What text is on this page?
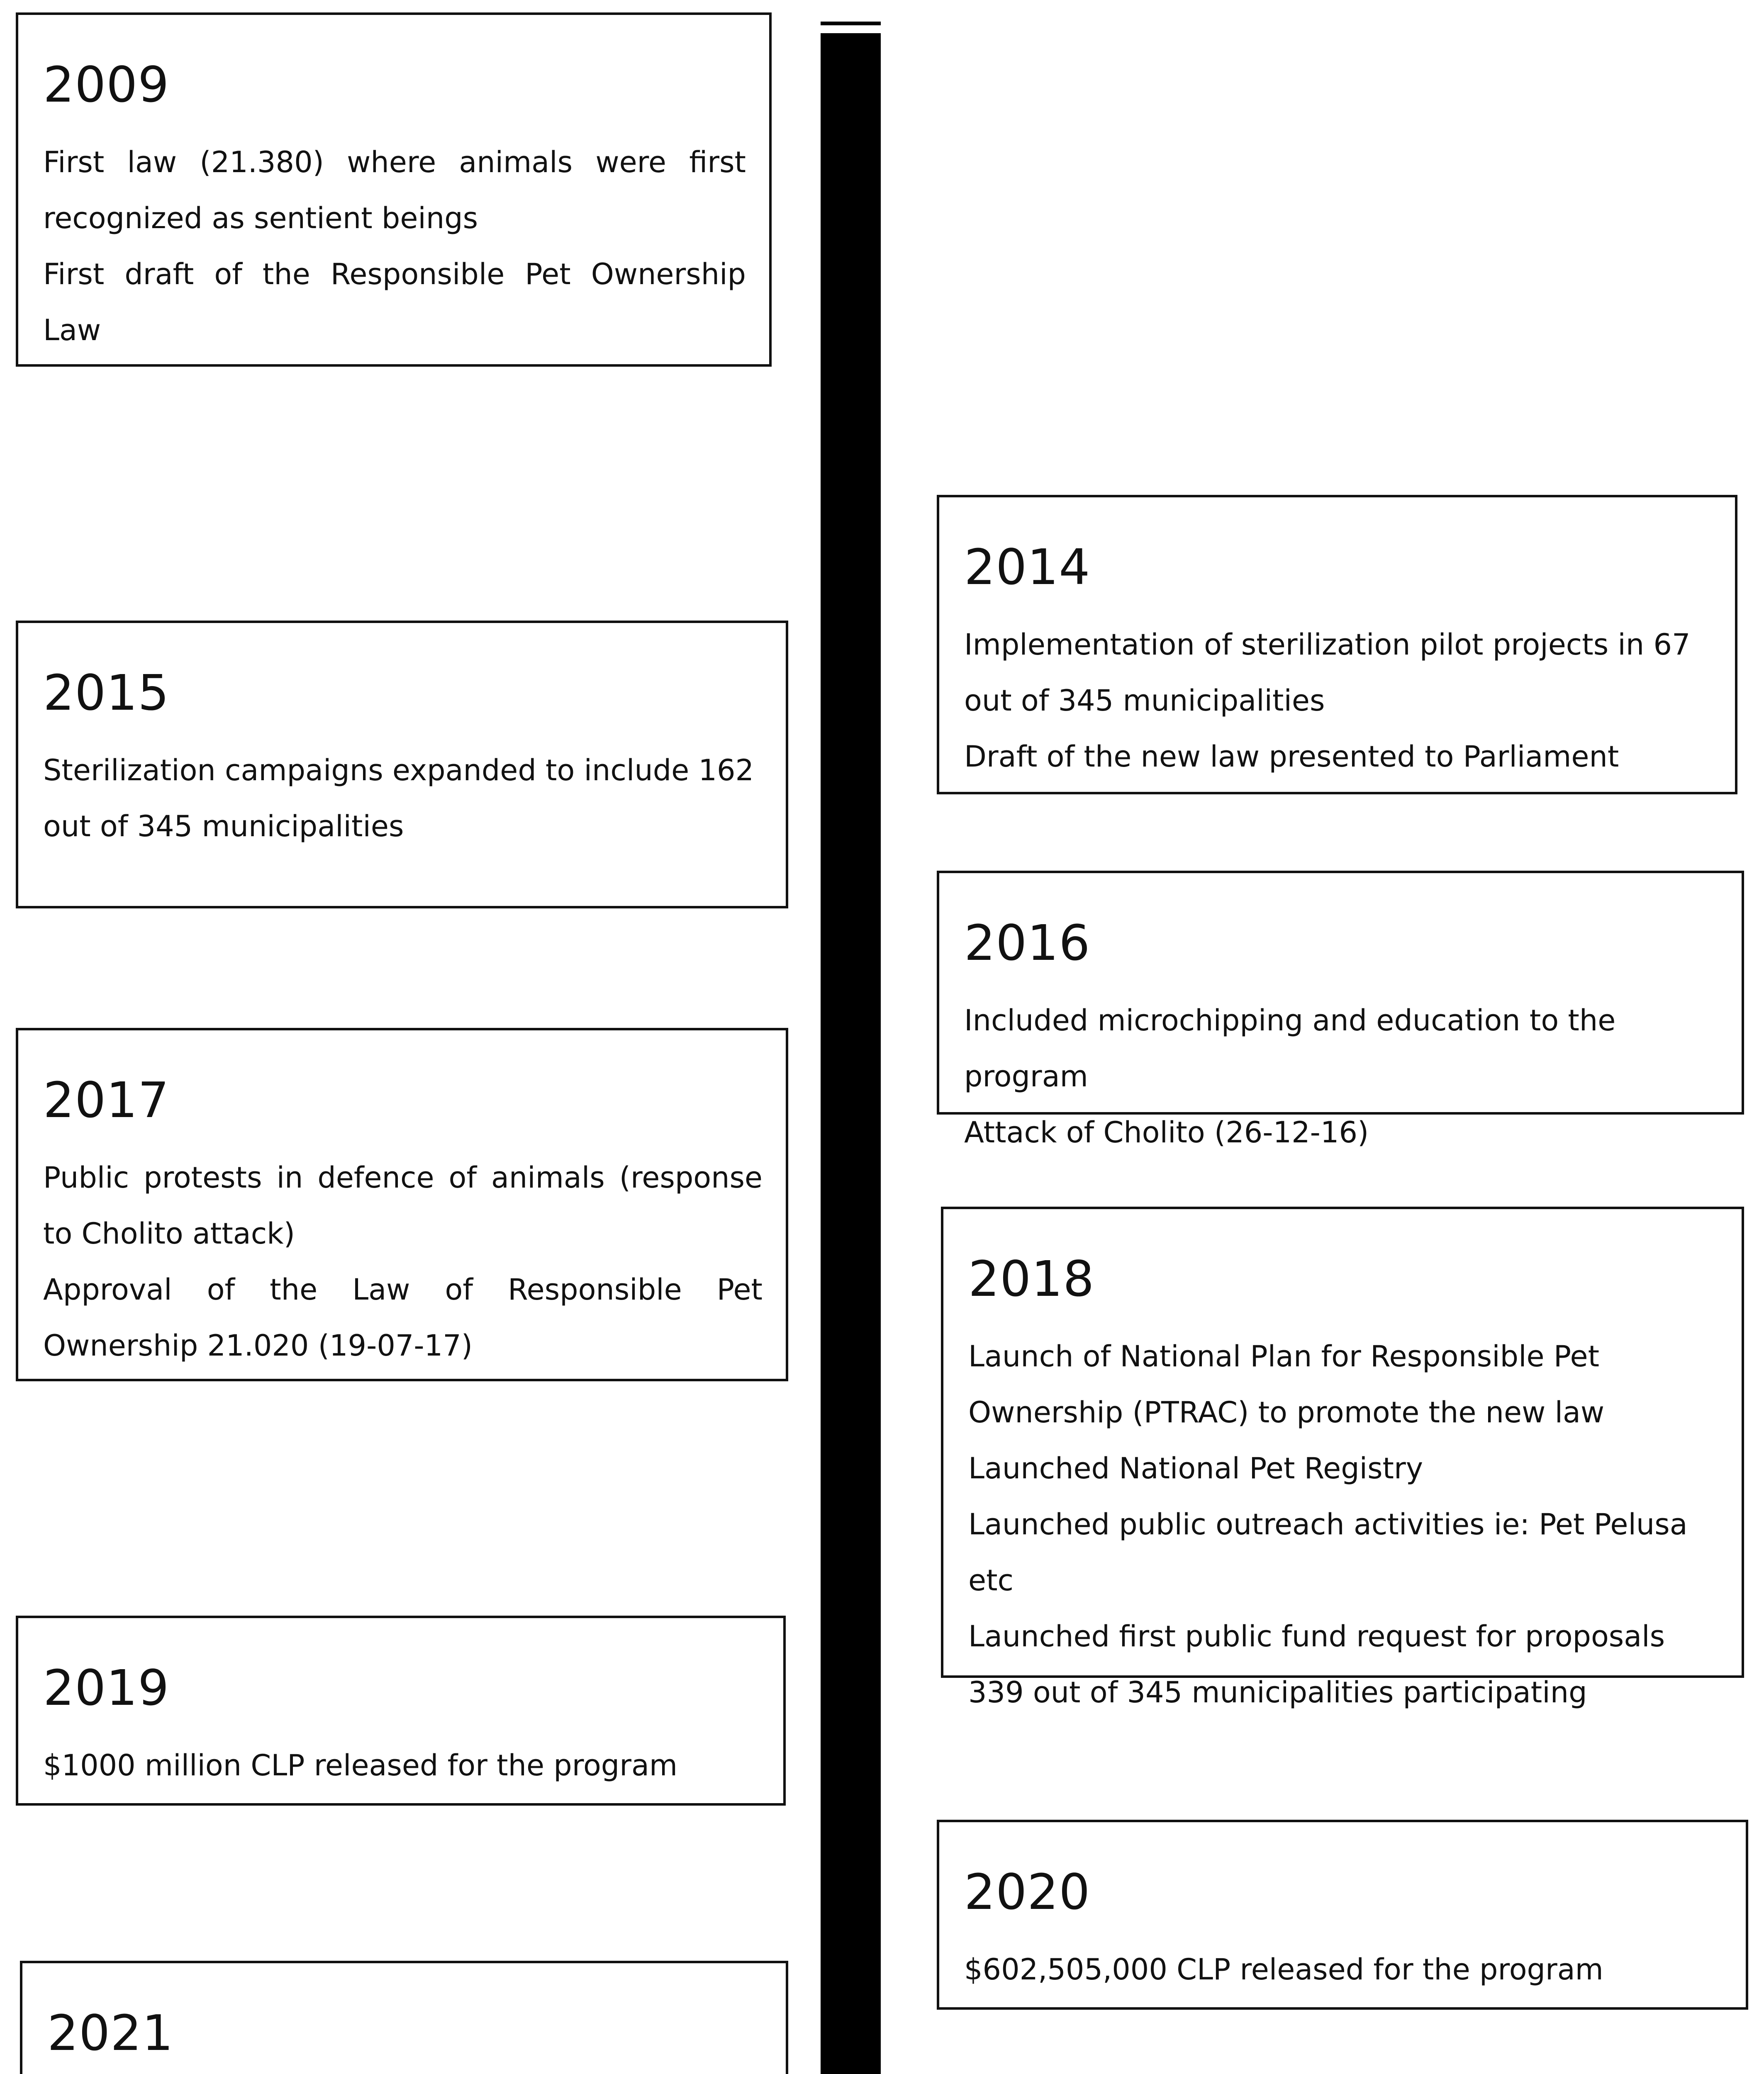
2009
First law (21.380) where animals were first recognized as sentient beings
First draft of the Responsible Pet Ownership Law
2014
Implementation of sterilization pilot projects in 67 out of 345 municipalities
Draft of the new law presented to Parliament
2015
Sterilization campaigns expanded to include 162 out of 345 municipalities
2016
Included microchipping and education to the program
Attack of Cholito (26-12-16)
2017
Public protests in defence of animals (response to Cholito attack)
Approval of the Law of Responsible Pet Ownership 21.020 (19-07-17)
2018
Launch of National Plan for Responsible Pet Ownership (PTRAC) to promote the new law
Launched National Pet Registry
Launched public outreach activities ie: Pet Pelusa etc
Launched first public fund request for proposals
339 out of 345 municipalities participating
2019
$1000 million CLP released for the program
2020
$602,505,000 CLP released for the program
2021
